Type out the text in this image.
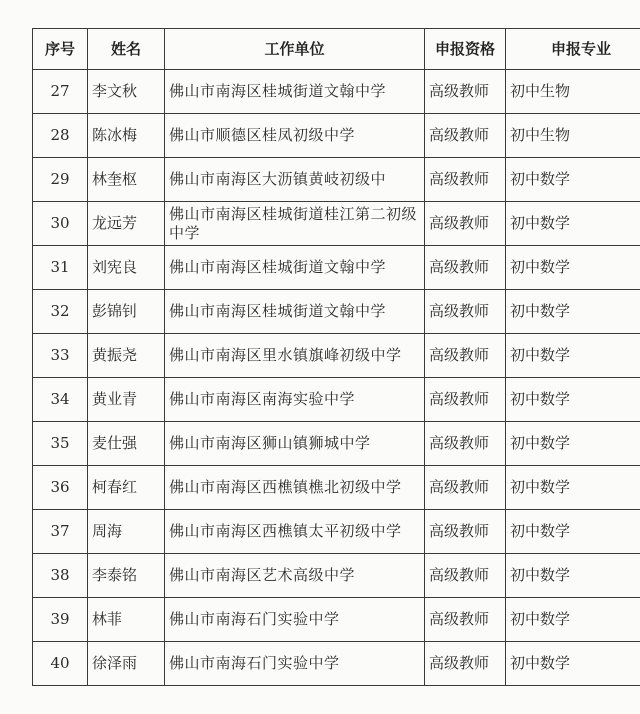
序号	姓名	工作单位	申报资格	申报专业
27	李文秋	佛山市南海区桂城街道文翰中学	高级教师	初中生物
28	陈冰梅	佛山市顺德区桂凤初级中学	高级教师	初中生物
29	林奎枢	佛山市南海区大沥镇黄岐初级中	高级教师	初中数学
30	龙远芳	佛山市南海区桂城街道桂江第二初级中学	高级教师	初中数学
31	刘宪良	佛山市南海区桂城街道文翰中学	高级教师	初中数学
32	彭锦钊	佛山市南海区桂城街道文翰中学	高级教师	初中数学
33	黄振尧	佛山市南海区里水镇旗峰初级中学	高级教师	初中数学
34	黄业青	佛山市南海区南海实验中学	高级教师	初中数学
35	麦仕强	佛山市南海区狮山镇狮城中学	高级教师	初中数学
36	柯春红	佛山市南海区西樵镇樵北初级中学	高级教师	初中数学
37	周海	佛山市南海区西樵镇太平初级中学	高级教师	初中数学
38	李泰铭	佛山市南海区艺术高级中学	高级教师	初中数学
39	林菲	佛山市南海石门实验中学	高级教师	初中数学
40	徐泽雨	佛山市南海石门实验中学	高级教师	初中数学
